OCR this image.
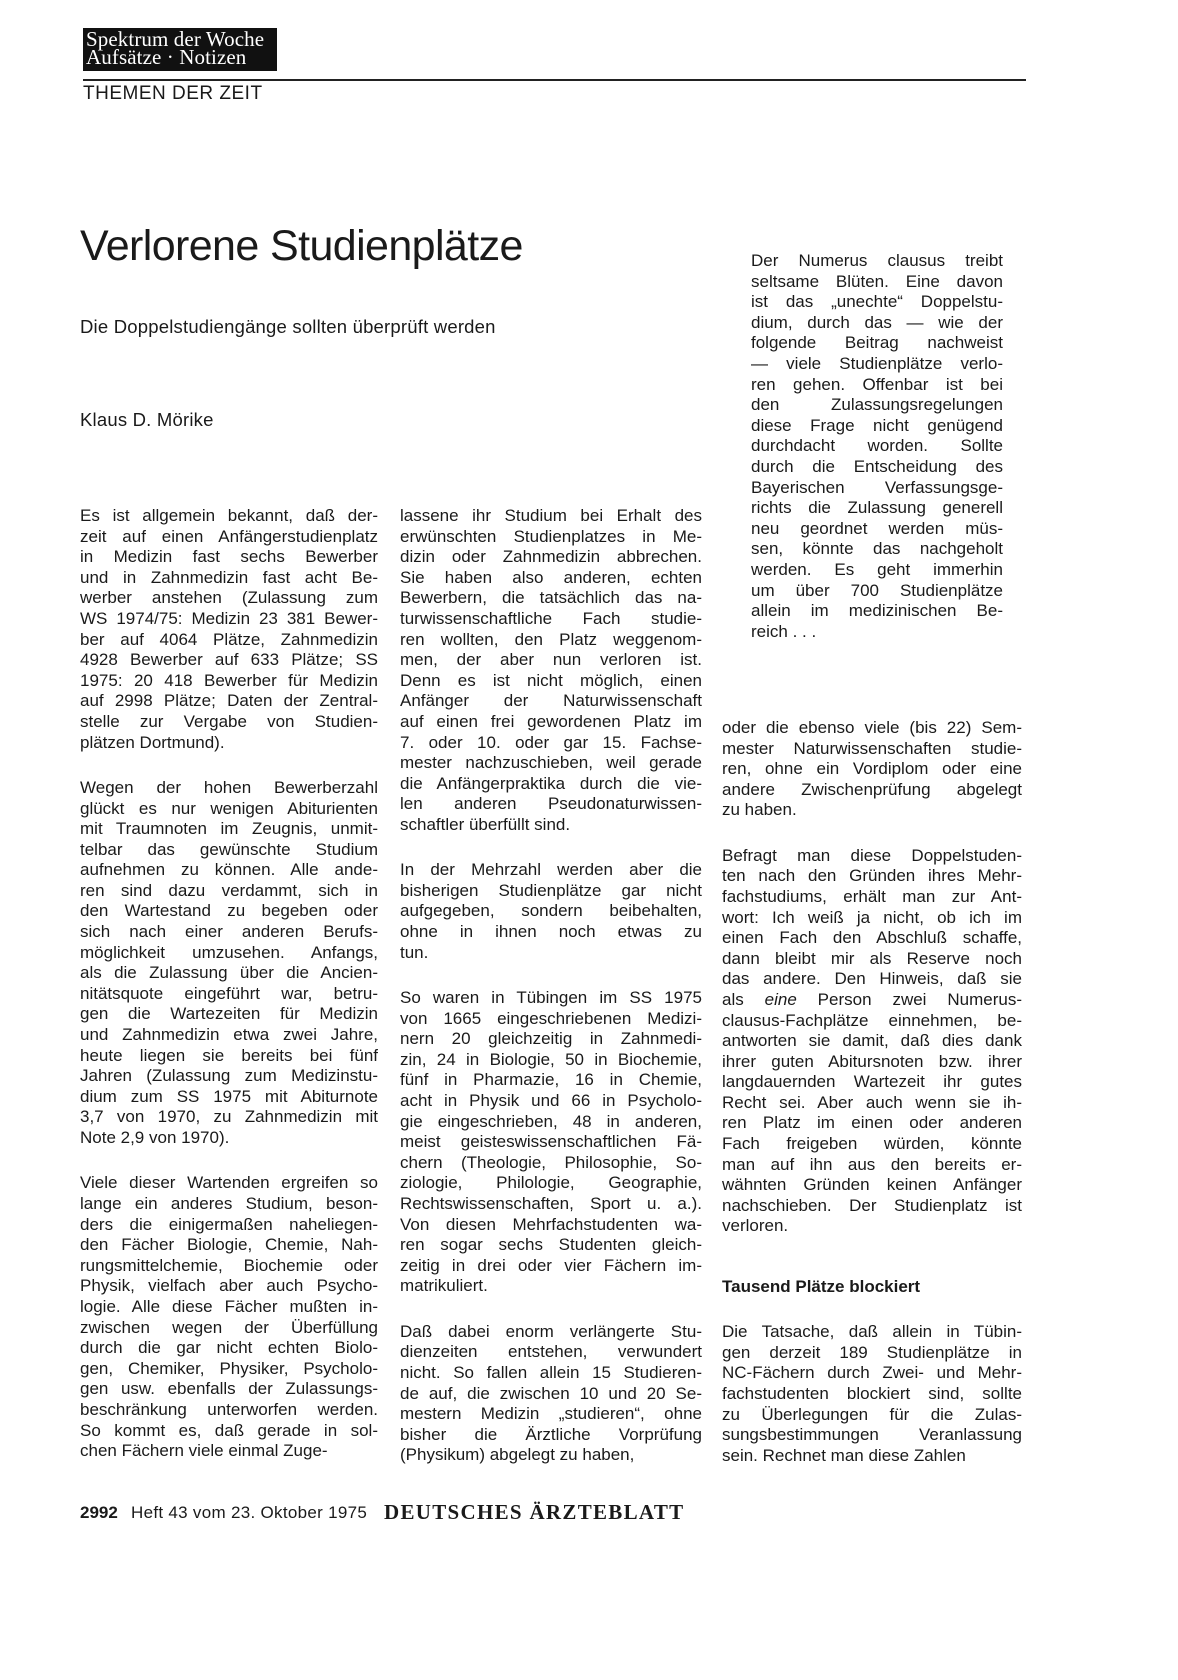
Spektrum der Woche
Aufsätze · Notizen
THEMEN DER ZEIT
Verlorene Studienplätze
Die Doppelstudiengänge sollten überprüft werden
Klaus D. Mörike
Es ist allgemein bekannt, daß der-
zeit auf einen Anfängerstudienplatz
in Medizin fast sechs Bewerber
und in Zahnmedizin fast acht Be-
werber anstehen (Zulassung zum
WS 1974/75: Medizin 23 381 Bewer-
ber auf 4064 Plätze, Zahnmedizin
4928 Bewerber auf 633 Plätze; SS
1975: 20 418 Bewerber für Medizin
auf 2998 Plätze; Daten der Zentral-
stelle zur Vergabe von Studien-
plätzen Dortmund).
Wegen der hohen Bewerberzahl
glückt es nur wenigen Abiturienten
mit Traumnoten im Zeugnis, unmit-
telbar das gewünschte Studium
aufnehmen zu können. Alle ande-
ren sind dazu verdammt, sich in
den Wartestand zu begeben oder
sich nach einer anderen Berufs-
möglichkeit umzusehen. Anfangs,
als die Zulassung über die Ancien-
nitätsquote eingeführt war, betru-
gen die Wartezeiten für Medizin
und Zahnmedizin etwa zwei Jahre,
heute liegen sie bereits bei fünf
Jahren (Zulassung zum Medizinstu-
dium zum SS 1975 mit Abiturnote
3,7 von 1970, zu Zahnmedizin mit
Note 2,9 von 1970).
Viele dieser Wartenden ergreifen so
lange ein anderes Studium, beson-
ders die einigermaßen naheliegen-
den Fächer Biologie, Chemie, Nah-
rungsmittelchemie, Biochemie oder
Physik, vielfach aber auch Psycho-
logie. Alle diese Fächer mußten in-
zwischen wegen der Überfüllung
durch die gar nicht echten Biolo-
gen, Chemiker, Physiker, Psycholo-
gen usw. ebenfalls der Zulassungs-
beschränkung unterworfen werden.
So kommt es, daß gerade in sol-
chen Fächern viele einmal Zuge-
lassene ihr Studium bei Erhalt des
erwünschten Studienplatzes in Me-
dizin oder Zahnmedizin abbrechen.
Sie haben also anderen, echten
Bewerbern, die tatsächlich das na-
turwissenschaftliche Fach studie-
ren wollten, den Platz weggenom-
men, der aber nun verloren ist.
Denn es ist nicht möglich, einen
Anfänger der Naturwissenschaft
auf einen frei gewordenen Platz im
7. oder 10. oder gar 15. Fachse-
mester nachzuschieben, weil gerade
die Anfängerpraktika durch die vie-
len anderen Pseudonaturwissen-
schaftler überfüllt sind.
In der Mehrzahl werden aber die
bisherigen Studienplätze gar nicht
aufgegeben, sondern beibehalten,
ohne in ihnen noch etwas zu
tun.
So waren in Tübingen im SS 1975
von 1665 eingeschriebenen Medizi-
nern 20 gleichzeitig in Zahnmedi-
zin, 24 in Biologie, 50 in Biochemie,
fünf in Pharmazie, 16 in Chemie,
acht in Physik und 66 in Psycholo-
gie eingeschrieben, 48 in anderen,
meist geisteswissenschaftlichen Fä-
chern (Theologie, Philosophie, So-
ziologie, Philologie, Geographie,
Rechtswissenschaften, Sport u. a.).
Von diesen Mehrfachstudenten wa-
ren sogar sechs Studenten gleich-
zeitig in drei oder vier Fächern im-
matrikuliert.
Daß dabei enorm verlängerte Stu-
dienzeiten entstehen, verwundert
nicht. So fallen allein 15 Studieren-
de auf, die zwischen 10 und 20 Se-
mestern Medizin „studieren“, ohne
bisher die Ärztliche Vorprüfung
(Physikum) abgelegt zu haben,
Der Numerus clausus treibt
seltsame Blüten. Eine davon
ist das „unechte“ Doppelstu-
dium, durch das — wie der
folgende Beitrag nachweist
— viele Studienplätze verlo-
ren gehen. Offenbar ist bei
den Zulassungsregelungen
diese Frage nicht genügend
durchdacht worden. Sollte
durch die Entscheidung des
Bayerischen Verfassungsge-
richts die Zulassung generell
neu geordnet werden müs-
sen, könnte das nachgeholt
werden. Es geht immerhin
um über 700 Studienplätze
allein im medizinischen Be-
reich . . .
oder die ebenso viele (bis 22) Sem-
mester Naturwissenschaften studie-
ren, ohne ein Vordiplom oder eine
andere Zwischenprüfung abgelegt
zu haben.
Befragt man diese Doppelstuden-
ten nach den Gründen ihres Mehr-
fachstudiums, erhält man zur Ant-
wort: Ich weiß ja nicht, ob ich im
einen Fach den Abschluß schaffe,
dann bleibt mir als Reserve noch
das andere. Den Hinweis, daß sie
als eine Person zwei Numerus-
clausus-Fachplätze einnehmen, be-
antworten sie damit, daß dies dank
ihrer guten Abitursnoten bzw. ihrer
langdauernden Wartezeit ihr gutes
Recht sei. Aber auch wenn sie ih-
ren Platz im einen oder anderen
Fach freigeben würden, könnte
man auf ihn aus den bereits er-
wähnten Gründen keinen Anfänger
nachschieben. Der Studienplatz ist
verloren.
Tausend Plätze blockiert
Die Tatsache, daß allein in Tübin-
gen derzeit 189 Studienplätze in
NC-Fächern durch Zwei- und Mehr-
fachstudenten blockiert sind, sollte
zu Überlegungen für die Zulas-
sungsbestimmungen Veranlassung
sein. Rechnet man diese Zahlen
2992 Heft 43 vom 23. Oktober 1975 DEUTSCHES ÄRZTEBLATT
